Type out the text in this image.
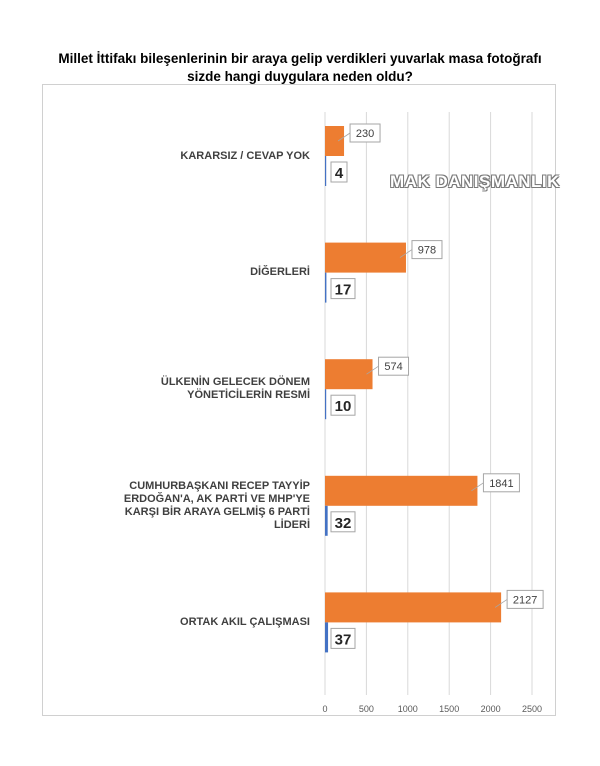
Millet İttifakı bileşenlerinin bir araya gelip verdikleri yuvarlak masa fotoğrafı
sizde hangi duygulara neden oldu?
KARARSIZ / CEVAP YOK
DİĞERLERİ
ÜLKENİN GELECEK DÖNEM
YÖNETİCİLERİN RESMİ
CUMHURBAŞKANI RECEP TAYYİP
ERDOĞAN'A, AK PARTİ VE MHP'YE
KARŞI BİR ARAYA GELMİŞ 6 PARTİ
LİDERİ
ORTAK AKIL ÇALIŞMASI
0	500	1000 1500 2000 2500
230
4
978
17
574
10
1841
32
2127
37
MAK DANIŞMANLIK
